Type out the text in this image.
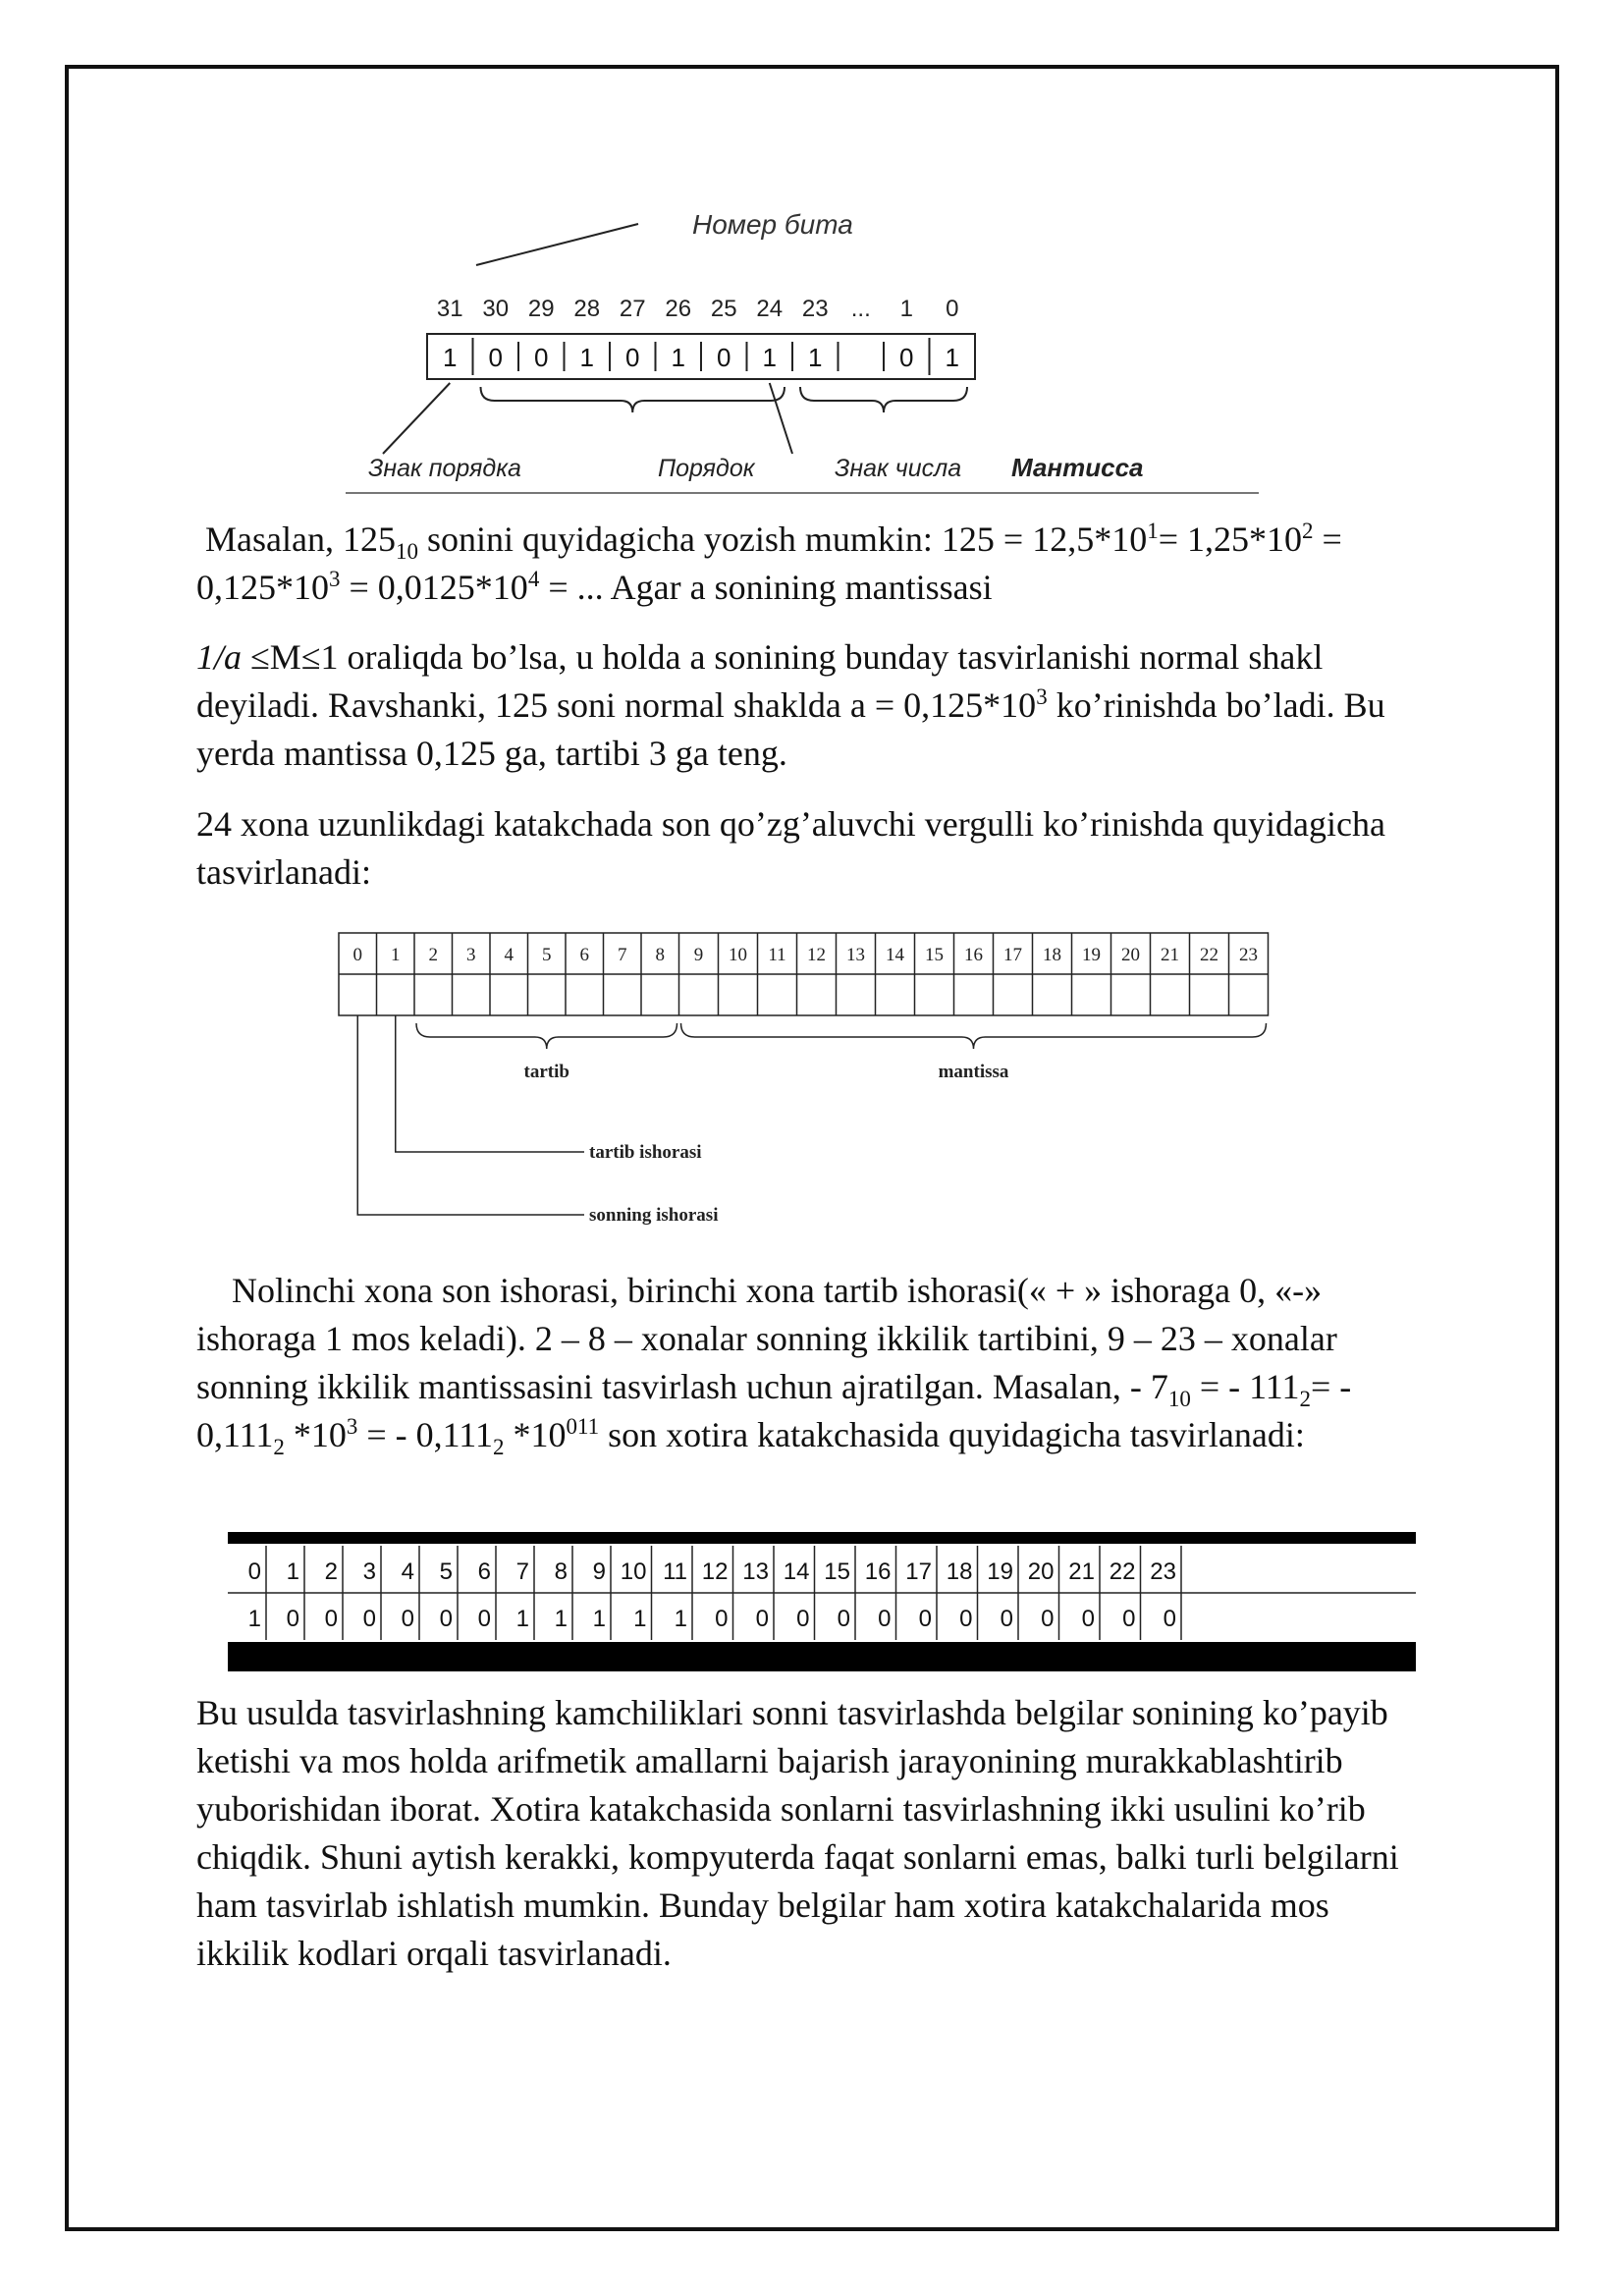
Номер бита
31 30 29 28 27 26 25 24 23 ... 1 0
1 0 0 1 0 1 0 1 1	0 1
Знак порядка	Порядок	Знак числа Мантисса

Masalan, $125_{10}$ sonini quyidagicha yozish mumkin: $125 = 12,5*10^1= 1,25*10^2 = 0,125*10^3 = 0,0125*10^4$ = ... Agar a sonining mantissasi

1/a ≤M≤1 oraliqda bo’lsa, u holda a sonining bunday tasvirlanishi normal shakl deyiladi. Ravshanki, 125 soni normal shaklda $a = 0,125*10^3$ ko’rinishda bo’ladi. Bu yerda mantissa 0,125 ga, tartibi 3 ga teng.

24 xona uzunlikdagi katakchada son qo’zg’aluvchi vergulli ko’rinishda quyidagicha tasvirlanadi:

0 1 2 3 4 5 6 7 8 9 10 11 12 13 14 15 16 17 18 19 20 21 22 23
tartib	mantissa
tartib ishorasi
sonning ishorasi

Nolinchi xona son ishorasi, birinchi xona tartib ishorasi(« + » ishoraga 0, «-» ishoraga 1 mos keladi). 2 – 8 – xonalar sonning ikkilik tartibini, 9 – 23 – xonalar sonning ikkilik mantissasini tasvirlash uchun ajratilgan. Masalan, - $7_{10}$ = - $111_2= - 0,111_2$ $*10^3$ = - $0,111_2$ $*10^{011}$ son xotira katakchasida quyidagicha tasvirlanadi:

0 1 2 3 4 5 6 7 8 9 10 11 12 13 14 15 16 17 18 19 20 21 22 23
1 0 0 0 0 0 0 1 1 1 1 1 0 0 0 0 0 0 0 0 0 0 0 0

Bu usulda tasvirlashning kamchiliklari sonni tasvirlashda belgilar sonining ko’payib ketishi va mos holda arifmetik amallarni bajarish jarayonining murakkablashtirib yuborishidan iborat. Xotira katakchasida sonlarni tasvirlashning ikki usulini ko’rib chiqdik. Shuni aytish kerakki, kompyuterda faqat sonlarni emas, balki turli belgilarni ham tasvirlab ishlatish mumkin. Bunday belgilar ham xotira katakchalarida mos ikkilik kodlari orqali tasvirlanadi.
